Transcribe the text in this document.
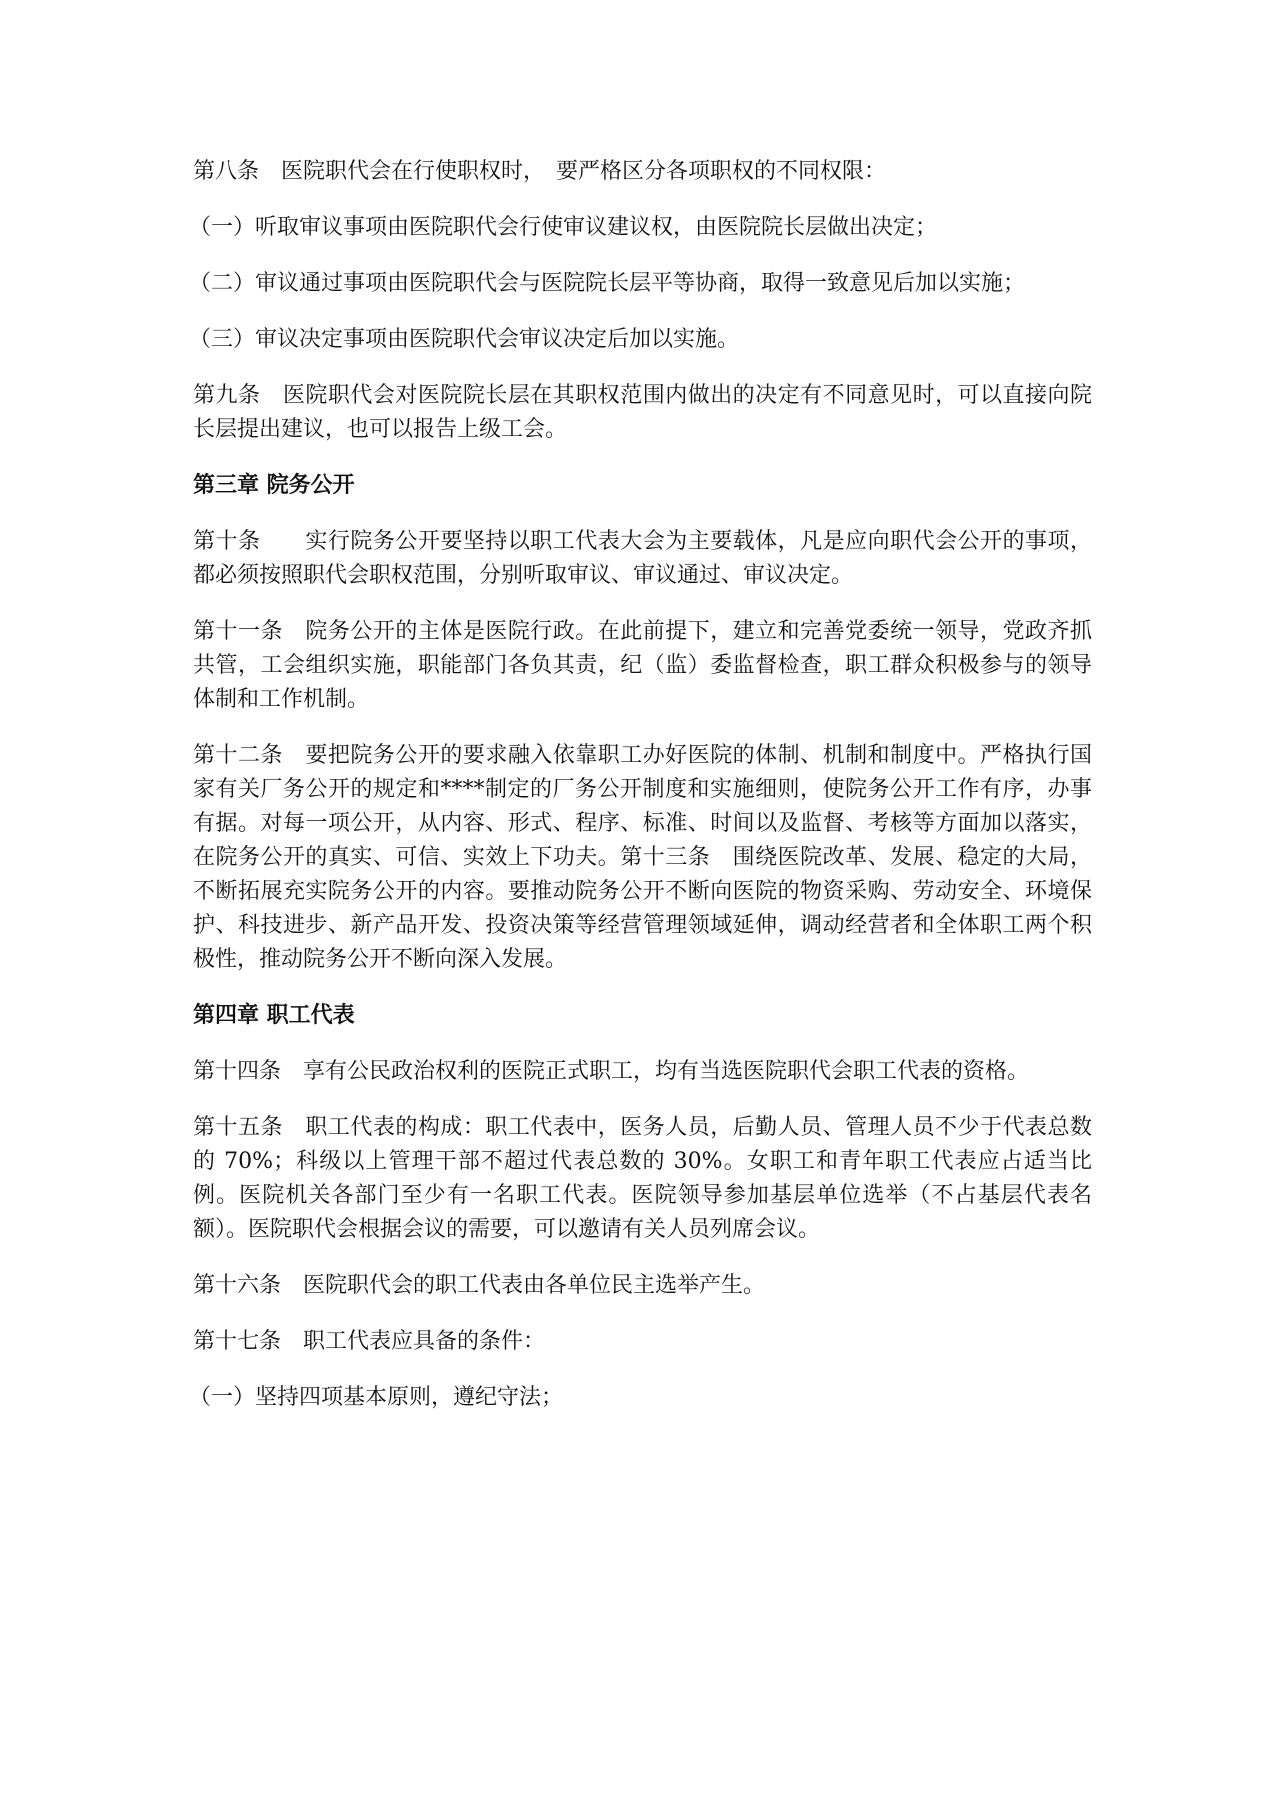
第八条　医院职代会在行使职权时，　要严格区分各项职权的不同权限：

（一）听取审议事项由医院职代会行使审议建议权，由医院院长层做出决定；

（二）审议通过事项由医院职代会与医院院长层平等协商，取得一致意见后加以实施；

（三）审议决定事项由医院职代会审议决定后加以实施。

第九条　医院职代会对医院院长层在其职权范围内做出的决定有不同意见时，可以直接向院长层提出建议，也可以报告上级工会。

第三章 院务公开

第十条　　实行院务公开要坚持以职工代表大会为主要载体，凡是应向职代会公开的事项，都必须按照职代会职权范围，分别听取审议、审议通过、审议决定。

第十一条　院务公开的主体是医院行政。在此前提下，建立和完善党委统一领导，党政齐抓共管，工会组织实施，职能部门各负其责，纪（监）委监督检查，职工群众积极参与的领导体制和工作机制。

第十二条　要把院务公开的要求融入依靠职工办好医院的体制、机制和制度中。严格执行国家有关厂务公开的规定和****制定的厂务公开制度和实施细则，使院务公开工作有序，办事有据。对每一项公开，从内容、形式、程序、标准、时间以及监督、考核等方面加以落实，在院务公开的真实、可信、实效上下功夫。第十三条　围绕医院改革、发展、稳定的大局，不断拓展充实院务公开的内容。要推动院务公开不断向医院的物资采购、劳动安全、环境保护、科技进步、新产品开发、投资决策等经营管理领域延伸，调动经营者和全体职工两个积极性，推动院务公开不断向深入发展。

第四章 职工代表

第十四条　享有公民政治权利的医院正式职工，均有当选医院职代会职工代表的资格。

第十五条　职工代表的构成：职工代表中，医务人员，后勤人员、管理人员不少于代表总数的 70%；科级以上管理干部不超过代表总数的 30%。女职工和青年职工代表应占适当比例。医院机关各部门至少有一名职工代表。医院领导参加基层单位选举（不占基层代表名额）。医院职代会根据会议的需要，可以邀请有关人员列席会议。

第十六条　医院职代会的职工代表由各单位民主选举产生。

第十七条　职工代表应具备的条件：

（一）坚持四项基本原则，遵纪守法；
